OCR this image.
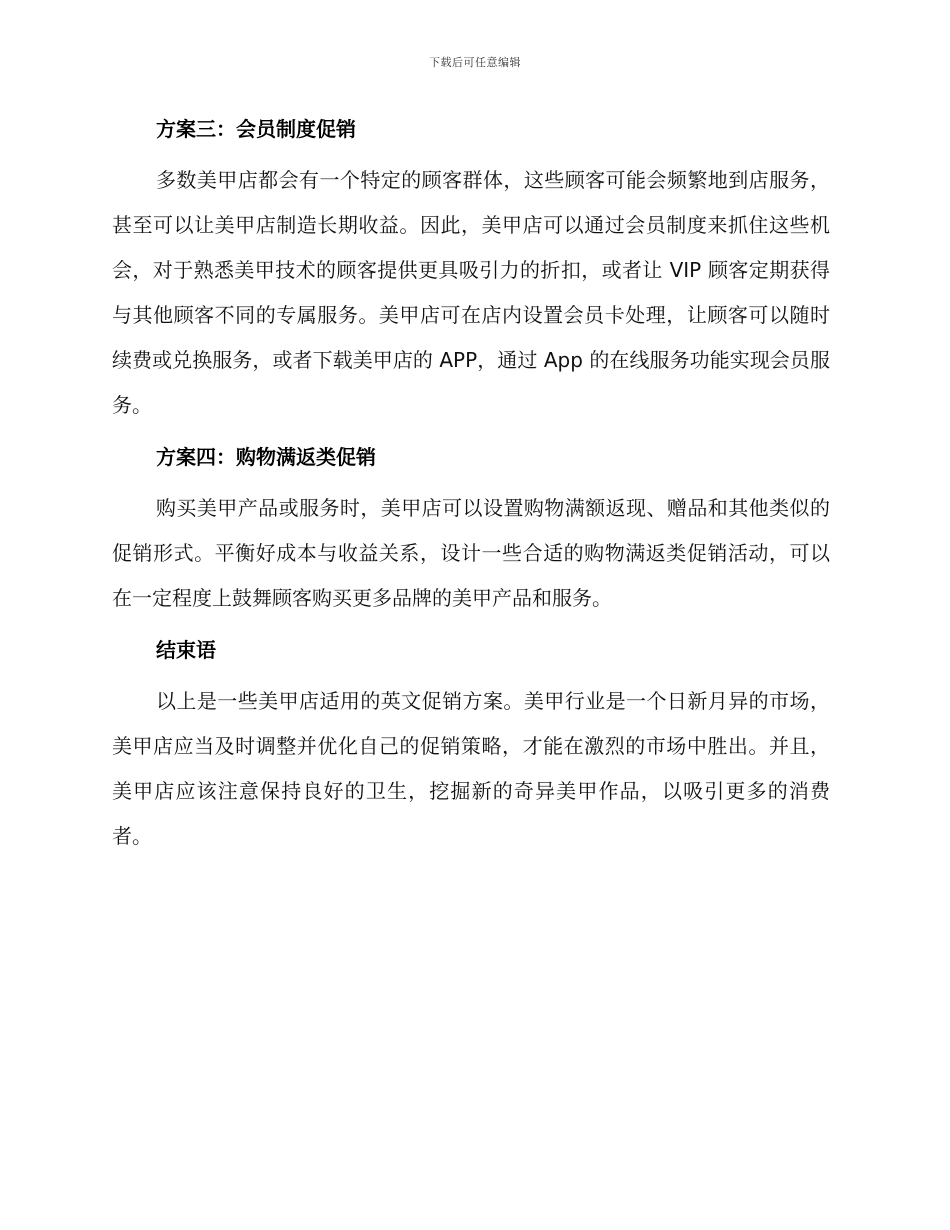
下载后可任意编辑
方案三：会员制度促销

多数美甲店都会有一个特定的顾客群体，这些顾客可能会频繁地到店服务，甚至可以让美甲店制造长期收益。因此，美甲店可以通过会员制度来抓住这些机会，对于熟悉美甲技术的顾客提供更具吸引力的折扣，或者让 VIP 顾客定期获得与其他顾客不同的专属服务。美甲店可在店内设置会员卡处理，让顾客可以随时续费或兑换服务，或者下载美甲店的 APP，通过 App 的在线服务功能实现会员服务。

方案四：购物满返类促销

购买美甲产品或服务时，美甲店可以设置购物满额返现、赠品和其他类似的促销形式。平衡好成本与收益关系，设计一些合适的购物满返类促销活动，可以在一定程度上鼓舞顾客购买更多品牌的美甲产品和服务。

结束语

以上是一些美甲店适用的英文促销方案。美甲行业是一个日新月异的市场，美甲店应当及时调整并优化自己的促销策略，才能在激烈的市场中胜出。并且，美甲店应该注意保持良好的卫生，挖掘新的奇异美甲作品，以吸引更多的消费者。
